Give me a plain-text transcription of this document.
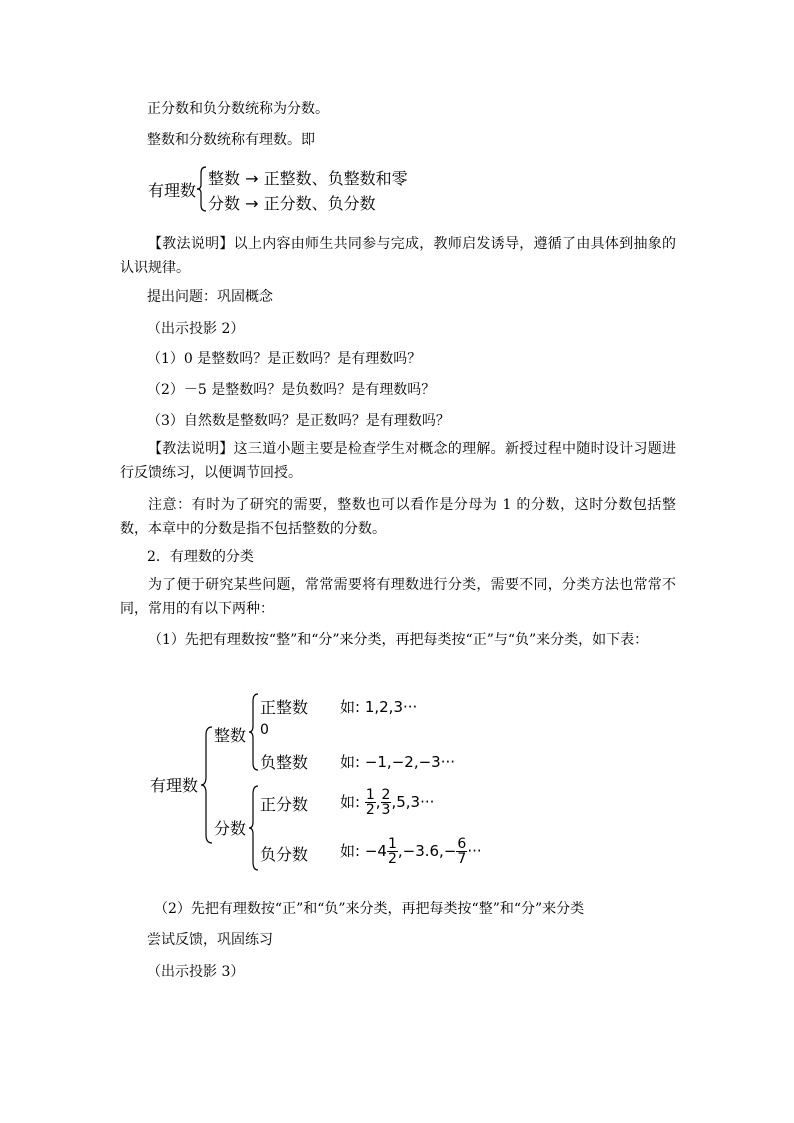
正分数和负分数统称为分数。
整数和分数统称有理数。即
有理数
整数 → 正整数、负整数和零
分数 → 正分数、负分数
【教法说明】以上内容由师生共同参与完成，教师启发诱导，遵循了由具体到抽象的认识规律。
提出问题：巩固概念
（出示投影 2）
（1）0 是整数吗？是正数吗？是有理数吗？
（2）－5 是整数吗？是负数吗？是有理数吗？
（3）自然数是整数吗？是正数吗？是有理数吗？
【教法说明】这三道小题主要是检查学生对概念的理解。新授过程中随时设计习题进行反馈练习，以便调节回授。
注意：有时为了研究的需要，整数也可以看作是分母为 1 的分数，这时分数包括整数，本章中的分数是指不包括整数的分数。
2．有理数的分类
为了便于研究某些问题，常常需要将有理数进行分类，需要不同，分类方法也常常不同，常用的有以下两种：
（1）先把有理数按“整”和“分”来分类，再把每类按“正”与“负”来分类，如下表：
有理数
整数
正整数 如: 1,2,3···
0
负整数 如: −1,−2,−3···
分数
正分数 如: $\frac{1}{2}$ , $\frac{2}{3} ,5,3\cdot\cdot\cdot$
负分数 如: $-4 \frac{1}{2} ,-3.6,- \frac{6}{7}$ ···
（2）先把有理数按“正”和“负”来分类，再把每类按“整”和“分”来分类
尝试反馈，巩固练习
（出示投影 3）
